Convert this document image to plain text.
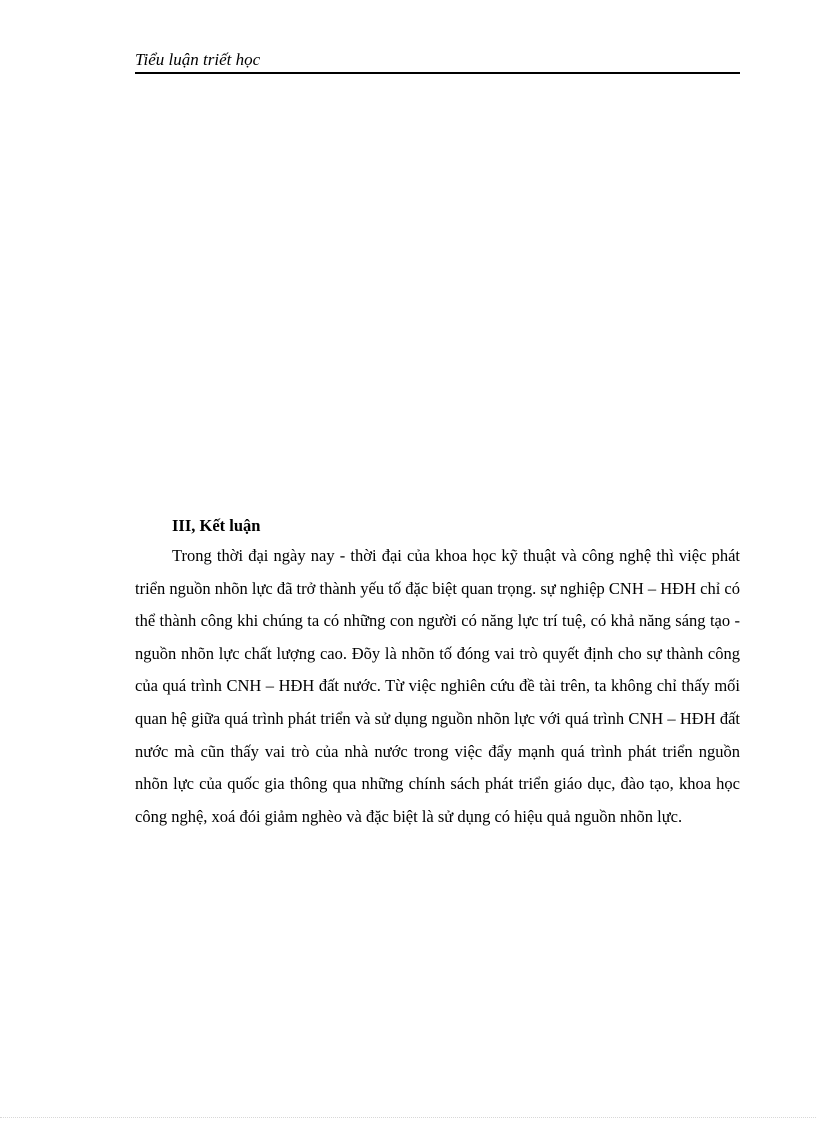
Tiểu luận triết học

III, Kết luận

Trong thời đại ngày nay - thời đại của khoa học kỹ thuật và công nghệ thì việc phát triển nguồn nhõn lực đã trở thành yếu tố đặc biệt quan trọng. sự nghiệp CNH – HĐH chỉ có thể thành công khi chúng ta có những con người có năng lực trí tuệ, có khả năng sáng tạo - nguồn nhõn lực chất lượng cao. Đõy là nhõn tố đóng vai trò quyết định cho sự thành công của quá trình CNH – HĐH đất nước. Từ việc nghiên cứu đề tài trên, ta không chỉ thấy mối quan hệ giữa quá trình phát triển và sử dụng nguồn nhõn lực với quá trình CNH – HĐH đất nước mà cũn thấy vai trò của nhà nước trong việc đẩy mạnh quá trình phát triển nguồn nhõn lực của quốc gia thông qua những chính sách phát triển giáo dục, đào tạo, khoa học công nghệ, xoá đói giảm nghèo và đặc biệt là sử dụng có hiệu quả nguồn nhõn lực.
